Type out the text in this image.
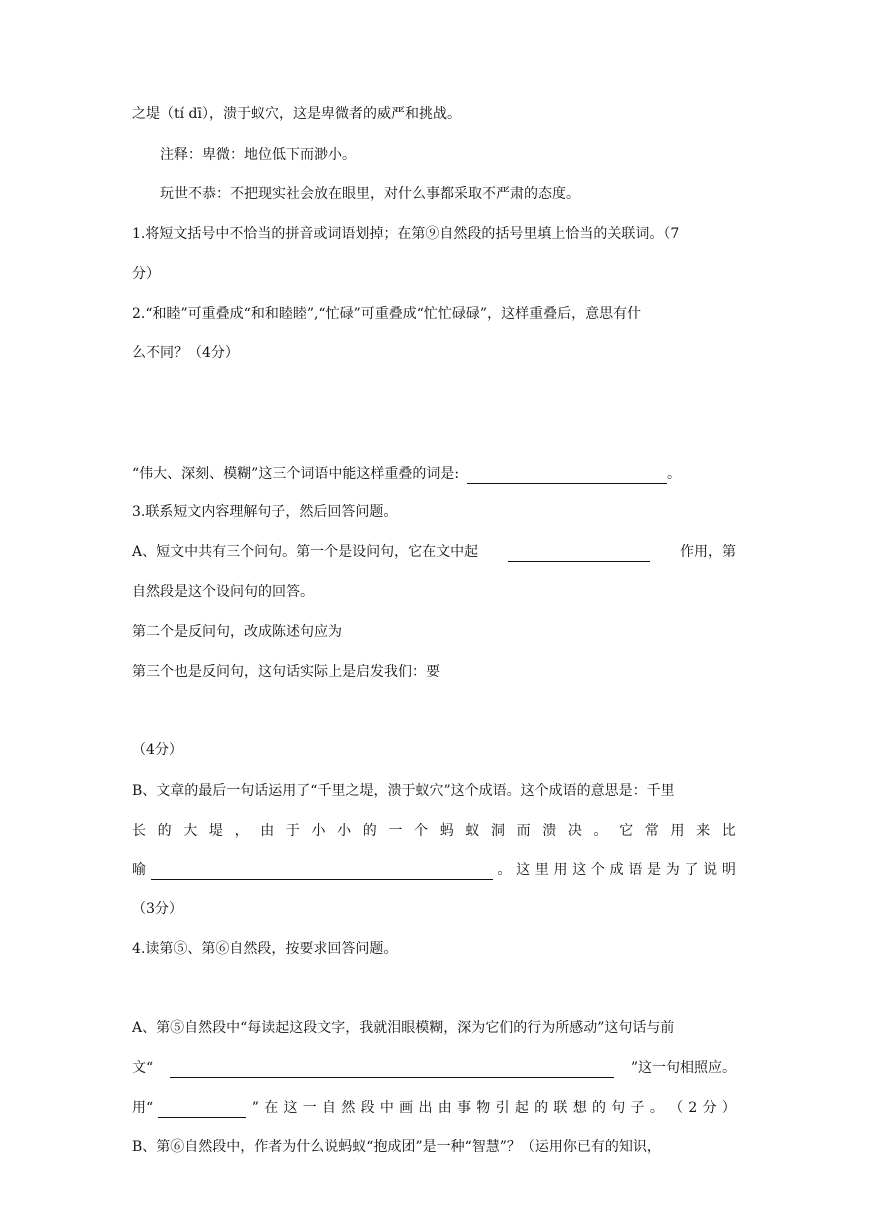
之堤（tí dī），溃于蚁穴，这是卑微者的威严和挑战。
注释：卑微：地位低下而渺小。
玩世不恭：不把现实社会放在眼里，对什么事都采取不严肃的态度。
1.将短文括号中不恰当的拼音或词语划掉；在第⑨自然段的括号里填上恰当的关联词。（7
分）
2.“和睦”可重叠成“和和睦睦”,“忙碌”可重叠成“忙忙碌碌”，这样重叠后，意思有什
么不同？（4分）
“伟大、深刻、模糊”这三个词语中能这样重叠的词是:	。
3.联系短文内容理解句子，然后回答问题。
A、短文中共有三个问句。第一个是设问句，它在文中起	作用，第
自然段是这个设问句的回答。
第二个是反问句，改成陈述句应为
第三个也是反问句，这句话实际上是启发我们：要
（4分）
B、文章的最后一句话运用了“千里之堤，溃于蚁穴”这个成语。这个成语的意思是：千里
长 的 大 堤 ， 由 于 小 小 的 一 个 蚂 蚁 洞 而 溃 决 。 它 常 用 来 比
喻	。 这 里 用 这 个 成 语 是 为 了 说 明
（3分）
4.读第⑤、第⑥自然段，按要求回答问题。
A、第⑤自然段中“每读起这段文字，我就泪眼模糊，深为它们的行为所感动”这句话与前
文“	”这一句相照应。
用“	” 在 这 一 自 然 段 中 画 出 由 事 物 引 起 的 联 想 的 句 子 。 （ 2 分 ）
B、第⑥自然段中，作者为什么说蚂蚁“抱成团”是一种“智慧”？（运用你已有的知识，
